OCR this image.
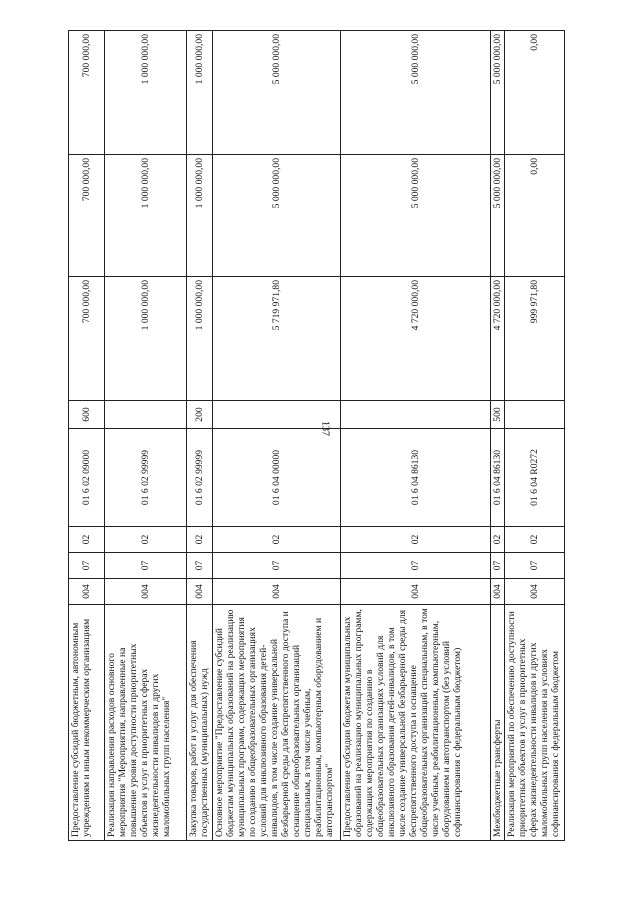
137
Предоставление субсидий бюджетным, автономным учреждениям и иным некоммерческим организациям	004	07	02	01 6 02 09000	600	700 000,00	700 000,00	700 000,00
Реализация направления расходов основного мероприятия "Мероприятия, направленные на повышение уровня доступности приоритетных объектов и услуг в приоритетных сферах жизнедеятельности инвалидов и других маломобильных групп населения"	004	07	02	01 6 02 99999		1 000 000,00	1 000 000,00	1 000 000,00
Закупка товаров, работ и услуг для обеспечения государственных (муниципальных) нужд	004	07	02	01 6 02 99999	200	1 000 000,00	1 000 000,00	1 000 000,00
Основное мероприятие "Предоставление субсидий бюджетам муниципальных образований на реализацию муниципальных программ, содержащих мероприятия по созданию в общеобразовательных организациях условий для инклюзивного образования детей-инвалидов, в том числе создание универсальной безбарьерной среды для беспрепятственного доступа и оснащение общеобразовательных организаций специальным, в том числе учебным, реабилитационным, компьютерным оборудованием и автотранспортом"	004	07	02	01 6 04 00000		5 719 971,80	5 000 000,00	5 000 000,00
Предоставление субсидии бюджетам муниципальных образований на реализацию муниципальных программ, содержащих мероприятия по созданию в общеобразовательных организациях условий для инклюзивного образования детей-инвалидов, в том числе создание универсальной безбарьерной среды для беспрепятственного доступа и оснащение общеобразовательных организаций специальным, в том числе учебным, реабилитационным, компьютерным, оборудованием и автотранспортом (без условий софинансирования с федеральным бюджетом)	004	07	02	01 6 04 86130		4 720 000,00	5 000 000,00	5 000 000,00
Межбюджетные трансферты	004	07	02	01 6 04 86130	500	4 720 000,00	5 000 000,00	5 000 000,00
Реализация мероприятий по обеспечению доступности приоритетных объектов и услуг в приоритетных сферах жизнедеятельности инвалидов и других маломобильных групп населения на условиях софинансирования с федеральным бюджетом	004	07	02	01 6 04 R0272		999 971,80	0,00	0,00
